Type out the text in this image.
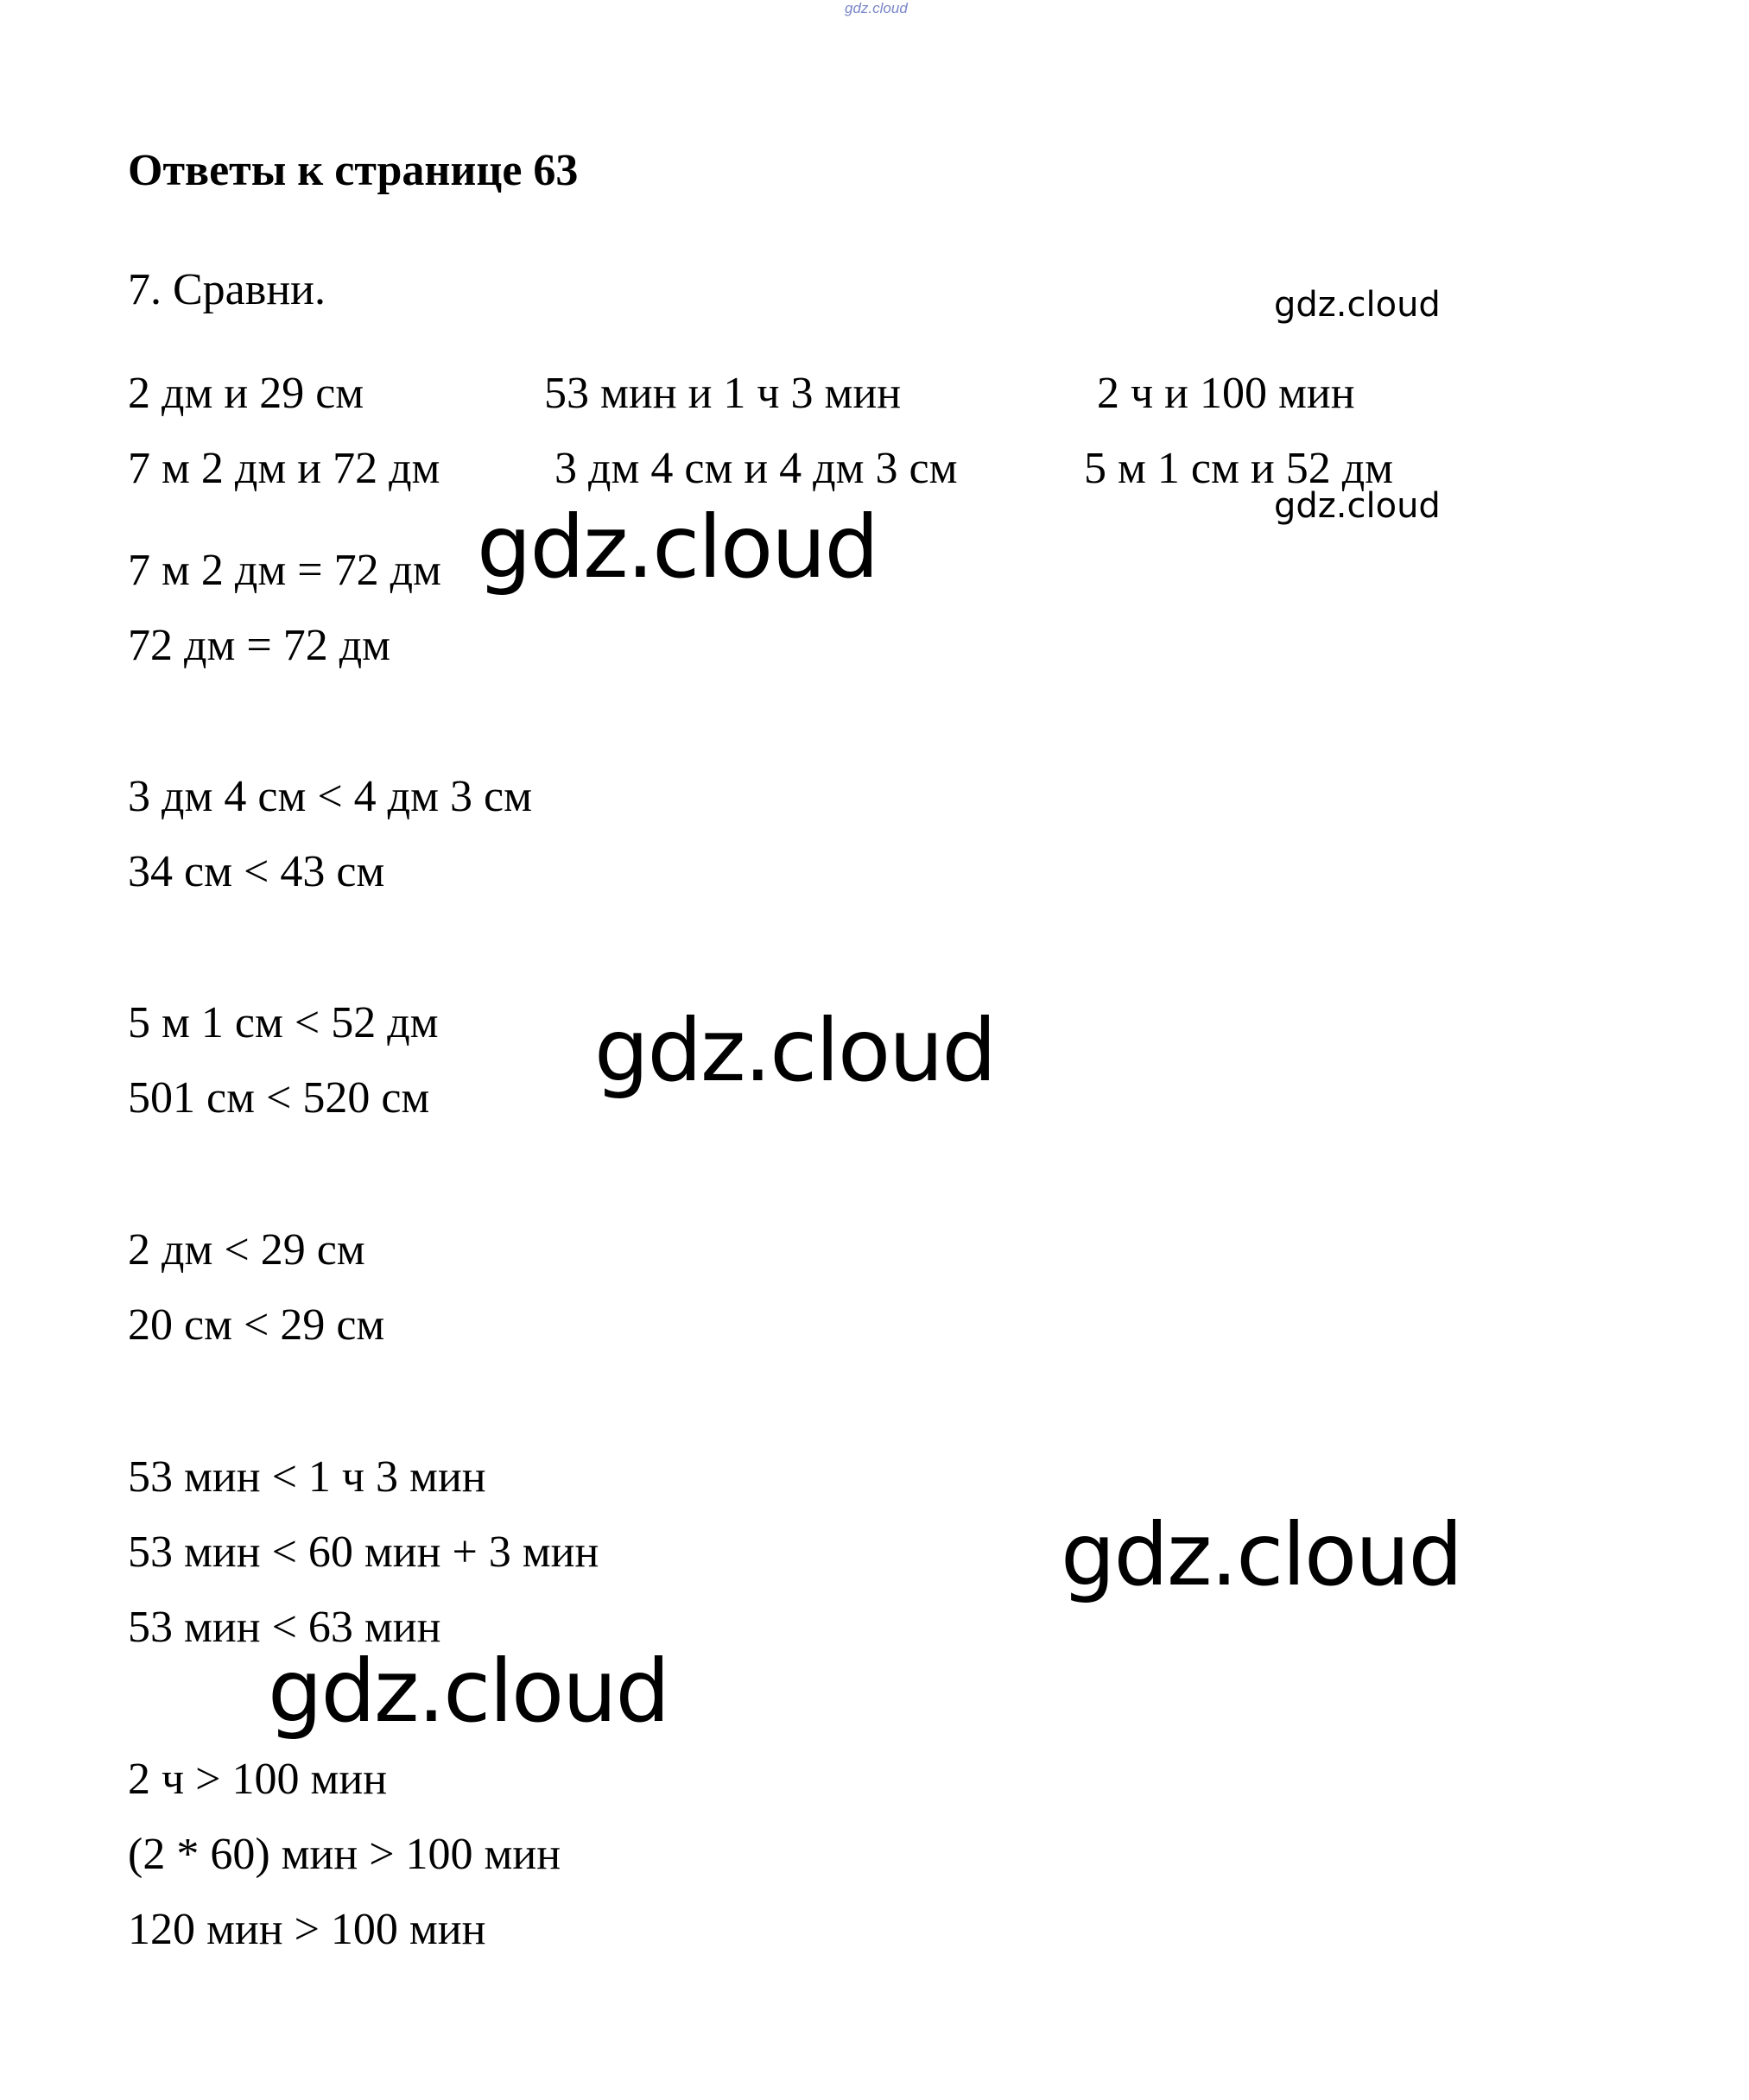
gdz.cloud
Ответы к странице 63
7. Сравни.
2 дм и 29 см	53 мин и 1 ч 3 мин	2 ч и 100 мин
7 м 2 дм и 72 дм	3 дм 4 см и 4 дм 3 см	5 м 1 см и 52 дм
7 м 2 дм = 72 дм
72 дм = 72 дм
3 дм 4 см < 4 дм 3 см
34 см < 43 см
5 м 1 см < 52 дм
501 см < 520 см
2 дм < 29 см
20 см < 29 см
53 мин < 1 ч 3 мин
53 мин < 60 мин + 3 мин
53 мин < 63 мин
2 ч > 100 мин
(2 * 60) мин > 100 мин
120 мин > 100 мин
gdz.cloud
gdz.cloud
gdz.cloud
gdz.cloud
gdz.cloud
gdz.cloud
